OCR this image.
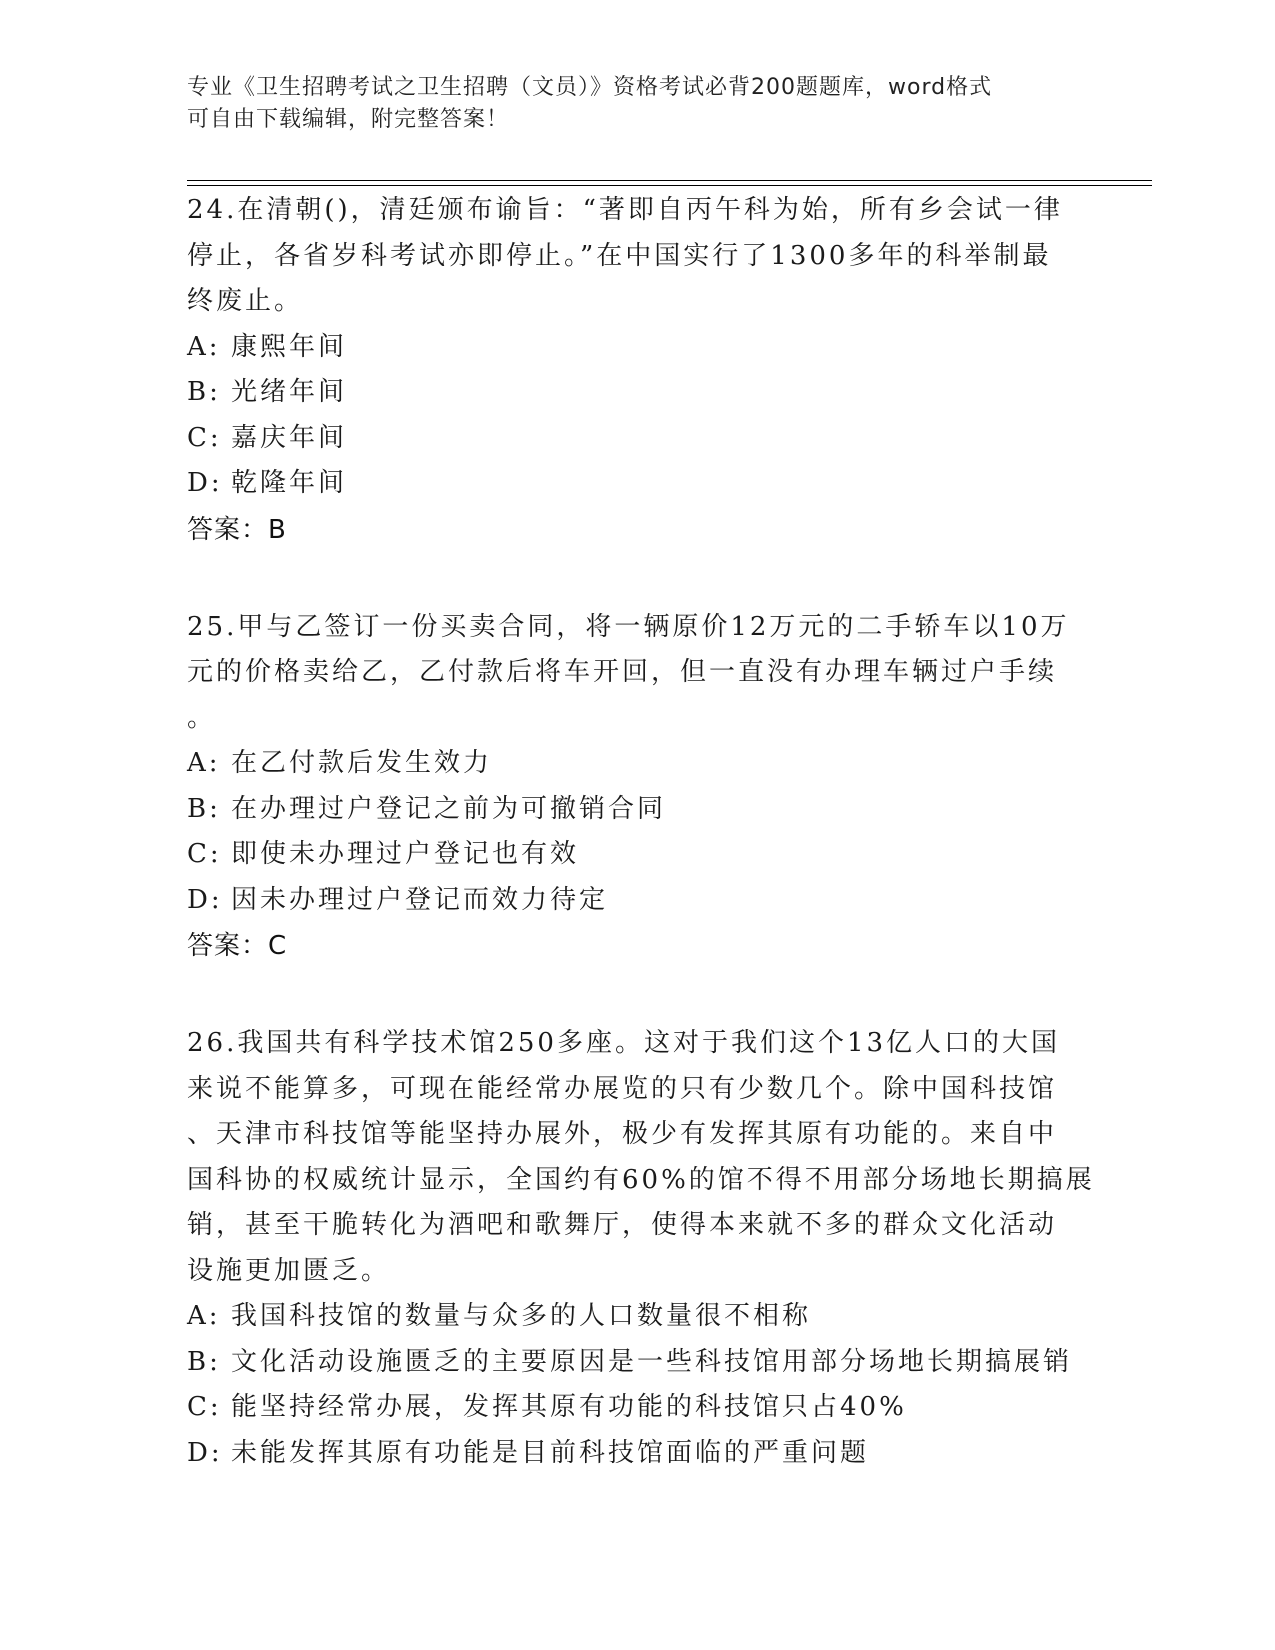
专业《卫生招聘考试之卫生招聘（文员）》资格考试必背200题题库，word格式
可自由下载编辑，附完整答案！
24.在清朝()，清廷颁布谕旨：“著即自丙午科为始，所有乡会试一律
停止，各省岁科考试亦即停止。”在中国实行了1300多年的科举制最
终废止。
A: 康熙年间
B: 光绪年间
C: 嘉庆年间
D: 乾隆年间
答案：B
25.甲与乙签订一份买卖合同，将一辆原价12万元的二手轿车以10万
元的价格卖给乙，乙付款后将车开回，但一直没有办理车辆过户手续
。
A: 在乙付款后发生效力
B: 在办理过户登记之前为可撤销合同
C: 即使未办理过户登记也有效
D: 因未办理过户登记而效力待定
答案：C
26.我国共有科学技术馆250多座。这对于我们这个13亿人口的大国
来说不能算多，可现在能经常办展览的只有少数几个。除中国科技馆
、天津市科技馆等能坚持办展外，极少有发挥其原有功能的。来自中
国科协的权威统计显示，全国约有60%的馆不得不用部分场地长期搞展
销，甚至干脆转化为酒吧和歌舞厅，使得本来就不多的群众文化活动
设施更加匮乏。
A: 我国科技馆的数量与众多的人口数量很不相称
B: 文化活动设施匮乏的主要原因是一些科技馆用部分场地长期搞展销
C: 能坚持经常办展，发挥其原有功能的科技馆只占40%
D: 未能发挥其原有功能是目前科技馆面临的严重问题
